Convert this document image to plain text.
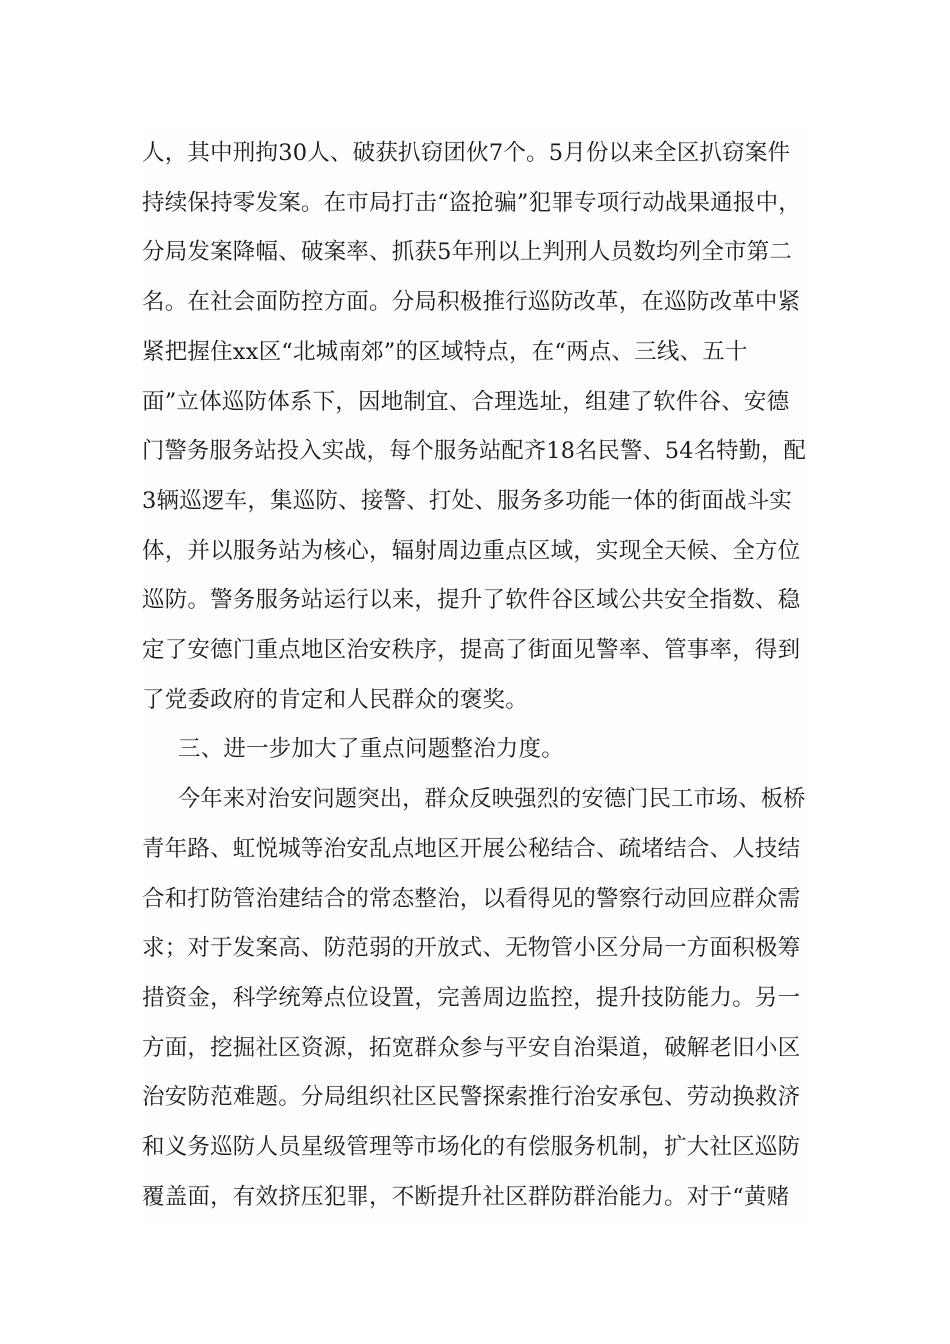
人，其中刑拘30人、破获扒窃团伙7个。5月份以来全区扒窃案件
持续保持零发案。在市局打击“盗抢骗”犯罪专项行动战果通报中，
分局发案降幅、破案率、抓获5年刑以上判刑人员数均列全市第二
名。在社会面防控方面。分局积极推行巡防改革，在巡防改革中紧
紧把握住xx区“北城南郊”的区域特点，在“两点、三线、五十
面”立体巡防体系下，因地制宜、合理选址，组建了软件谷、安德
门警务服务站投入实战，每个服务站配齐18名民警、54名特勤，配
3辆巡逻车，集巡防、接警、打处、服务多功能一体的街面战斗实
体，并以服务站为核心，辐射周边重点区域，实现全天候、全方位
巡防。警务服务站运行以来，提升了软件谷区域公共安全指数、稳
定了安德门重点地区治安秩序，提高了街面见警率、管事率，得到
了党委政府的肯定和人民群众的褒奖。
三、进一步加大了重点问题整治力度。
今年来对治安问题突出，群众反映强烈的安德门民工市场、板桥
青年路、虹悦城等治安乱点地区开展公秘结合、疏堵结合、人技结
合和打防管治建结合的常态整治，以看得见的警察行动回应群众需
求；对于发案高、防范弱的开放式、无物管小区分局一方面积极筹
措资金，科学统筹点位设置，完善周边监控，提升技防能力。另一
方面，挖掘社区资源，拓宽群众参与平安自治渠道，破解老旧小区
治安防范难题。分局组织社区民警探索推行治安承包、劳动换救济
和义务巡防人员星级管理等市场化的有偿服务机制，扩大社区巡防
覆盖面，有效挤压犯罪，不断提升社区群防群治能力。对于“黄赌
